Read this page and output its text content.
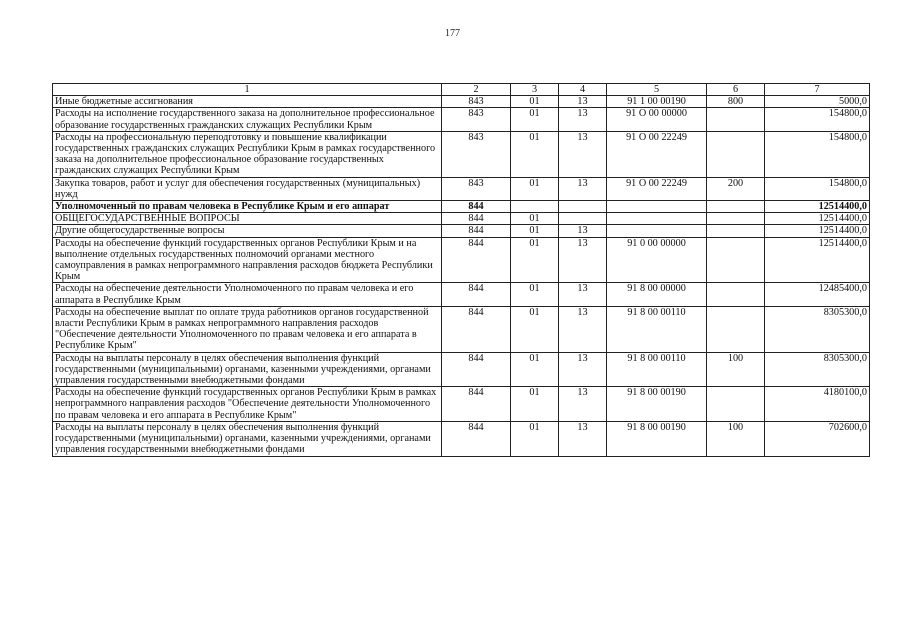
177
1	2	3	4	5	6	7
Иные бюджетные ассигнования	843	01	13	91 1 00 00190	800	5000,0
Расходы на исполнение государственного заказа на дополнительное профессиональное образование государственных гражданских служащих Республики Крым	843	01	13	91 О 00 00000		154800,0
Расходы на профессиональную переподготовку и повышение квалификации государственных гражданских служащих Республики Крым в рамках государственного заказа на дополнительное профессиональное образование государственных гражданских служащих Республики Крым	843	01	13	91 О 00 22249		154800,0
Закупка товаров, работ и услуг для обеспечения государственных (муниципальных) нужд	843	01	13	91 О 00 22249	200	154800,0
Уполномоченный по правам человека в Республике Крым и его аппарат	844					12514400,0
ОБЩЕГОСУДАРСТВЕННЫЕ ВОПРОСЫ	844	01				12514400,0
Другие общегосударственные вопросы	844	01	13			12514400,0
Расходы на обеспечение функций государственных органов Республики Крым и на выполнение отдельных государственных полномочий органами местного самоуправления в рамках непрограммного направления расходов бюджета Республики Крым	844	01	13	91 0 00 00000		12514400,0
Расходы на обеспечение деятельности Уполномоченного по правам человека и его аппарата в Республике Крым	844	01	13	91 8 00 00000		12485400,0
Расходы на обеспечение выплат по оплате труда работников органов государственной власти Республики Крым в рамках непрограммного направления расходов "Обеспечение деятельности Уполномоченного по правам человека и его аппарата в Республике Крым"	844	01	13	91 8 00 00110		8305300,0
Расходы на выплаты персоналу в целях обеспечения выполнения функций государственными (муниципальными) органами, казенными учреждениями, органами управления государственными внебюджетными фондами	844	01	13	91 8 00 00110	100	8305300,0
Расходы на обеспечение функций государственных органов Республики Крым в рамках непрограммного направления расходов "Обеспечение деятельности Уполномоченного по правам человека и его аппарата в Республике Крым"	844	01	13	91 8 00 00190		4180100,0
Расходы на выплаты персоналу в целях обеспечения выполнения функций государственными (муниципальными) органами, казенными учреждениями, органами управления государственными внебюджетными фондами	844	01	13	91 8 00 00190	100	702600,0
